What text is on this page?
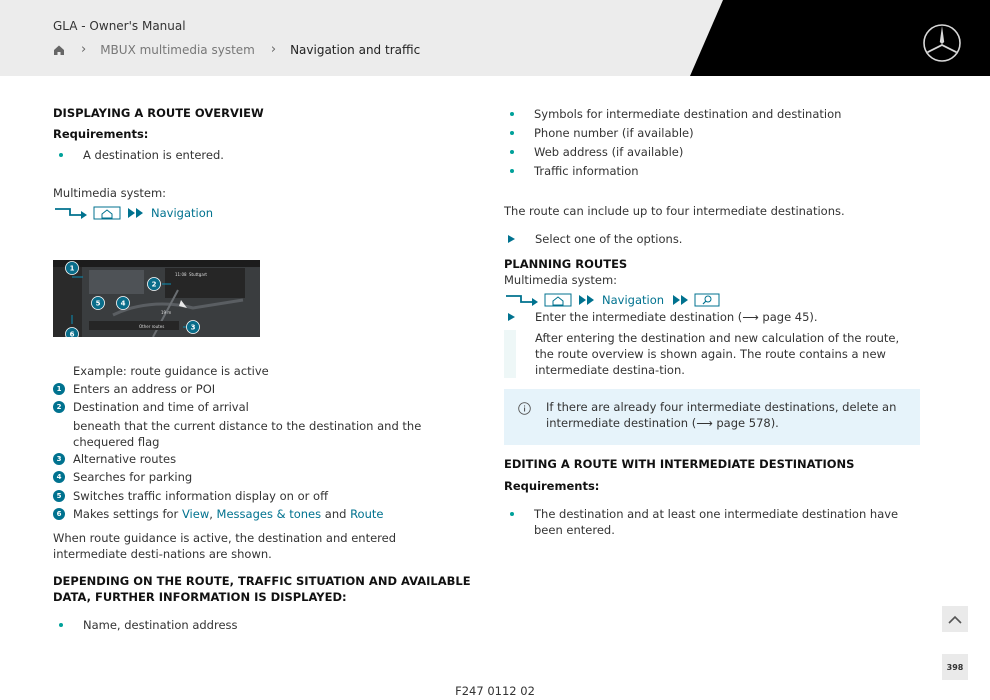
GLA - Owner's Manual
› MBUX multimedia system › Navigation and traffic
DISPLAYING A ROUTE OVERVIEW
Requirements:
A destination is entered.
Multimedia system:
Navigation
1
2
3
4
5
6
11:08 Stuttgart
Other routes
19 m
Example: route guidance is active
1	Enters an address or POI
2	Destination and time of arrival
beneath that the current distance to the destination and the chequered flag
3	Alternative routes
4	Searches for parking
5	Switches traffic information display on or off
6	Makes settings for View, Messages & tones and Route
When route guidance is active, the destination and entered intermediate desti-nations are shown.
DEPENDING ON THE ROUTE, TRAFFIC SITUATION AND AVAILABLE DATA, FURTHER INFORMATION IS DISPLAYED:
Name, destination address
Symbols for intermediate destination and destination
Phone number (if available)
Web address (if available)
Traffic information
The route can include up to four intermediate destinations.
Select one of the options.
PLANNING ROUTES
Multimedia system:
Navigation
Enter the intermediate destination (⟶ page 45).
After entering the destination and new calculation of the route, the route overview is shown again. The route contains a new intermediate destina-tion.
If there are already four intermediate destinations, delete an intermediate destination (⟶ page 578).
EDITING A ROUTE WITH INTERMEDIATE DESTINATIONS
Requirements:
The destination and at least one intermediate destination have been entered.
398
F247 0112 02
